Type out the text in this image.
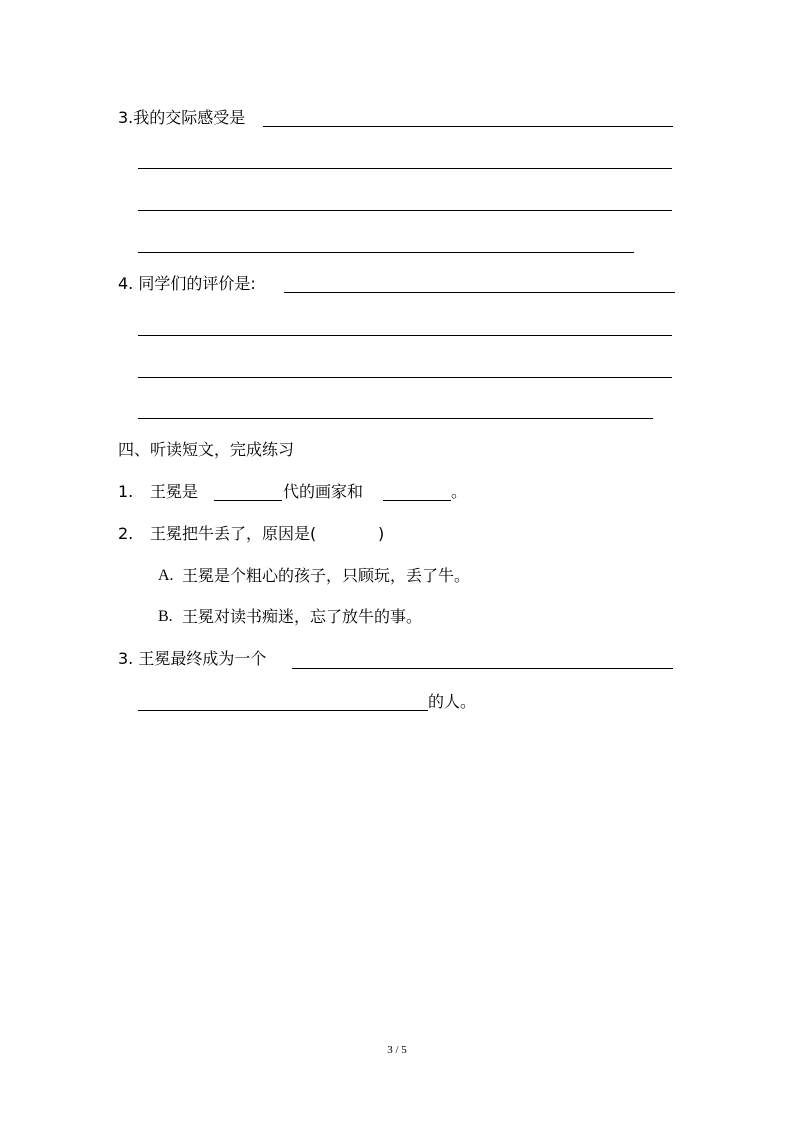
3.我的交际感受是
4. 同学们的评价是:
四、听读短文，完成练习
1. 王冕是	代的画家和	。
2. 王冕把牛丢了，原因是(	)
A. 王冕是个粗心的孩子，只顾玩，丢了牛。
B. 王冕对读书痴迷，忘了放牛的事。
3. 王冕最终成为一个
的人。
3 / 5
